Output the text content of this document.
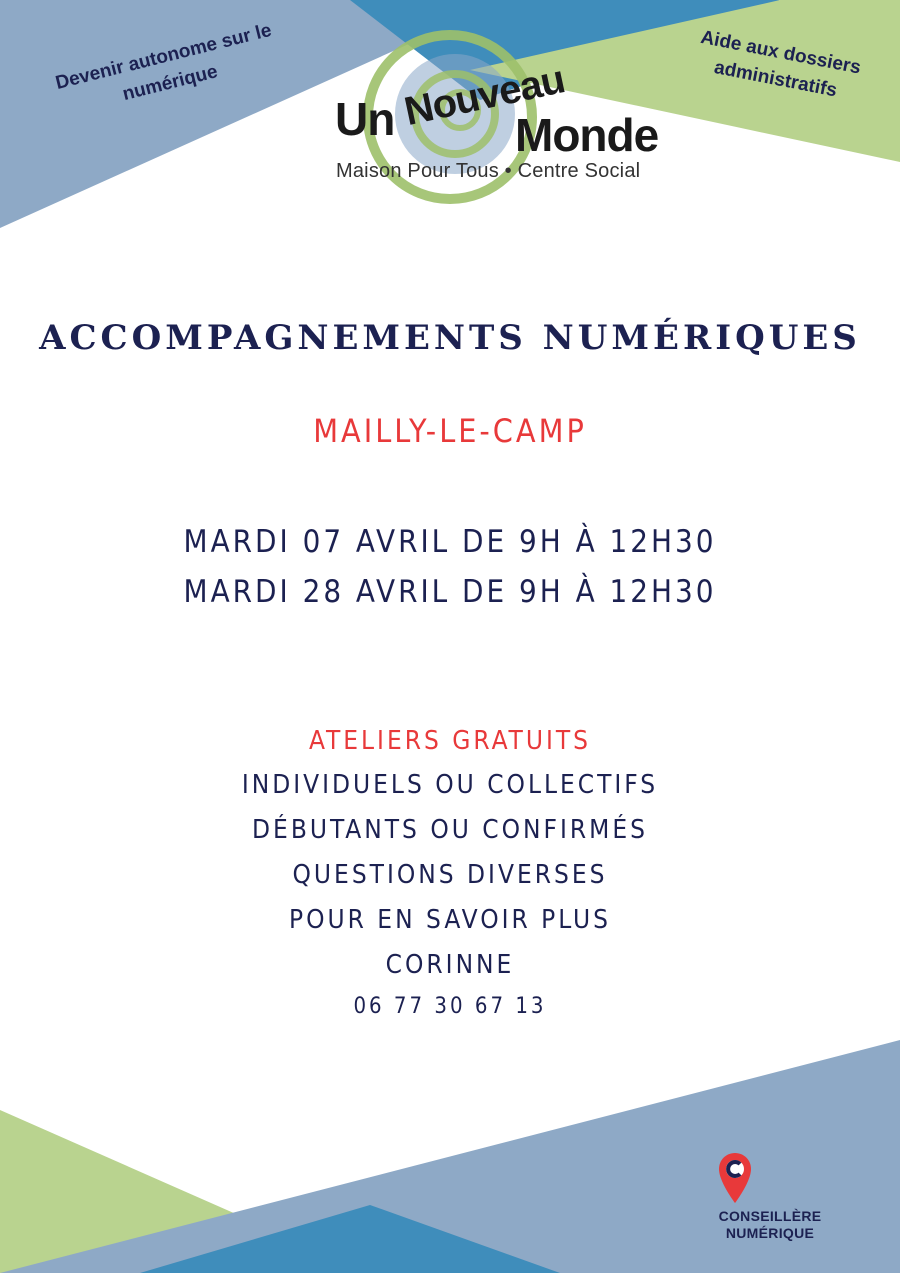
Devenir autonome sur le numérique
Aide aux dossiers administratifs
Un Nouveau
Monde
Maison Pour Tous • Centre Social
ACCOMPAGNEMENTS NUMÉRIQUES
MAILLY-LE-CAMP
MARDI 07 AVRIL DE 9H À 12H30
MARDI 28 AVRIL DE 9H À 12H30
ATELIERS GRATUITS
INDIVIDUELS OU COLLECTIFS
DÉBUTANTS OU CONFIRMÉS
QUESTIONS DIVERSES
POUR EN SAVOIR PLUS
CORINNE
06 77 30 67 13
CONSEILLÈRE
NUMÉRIQUE
